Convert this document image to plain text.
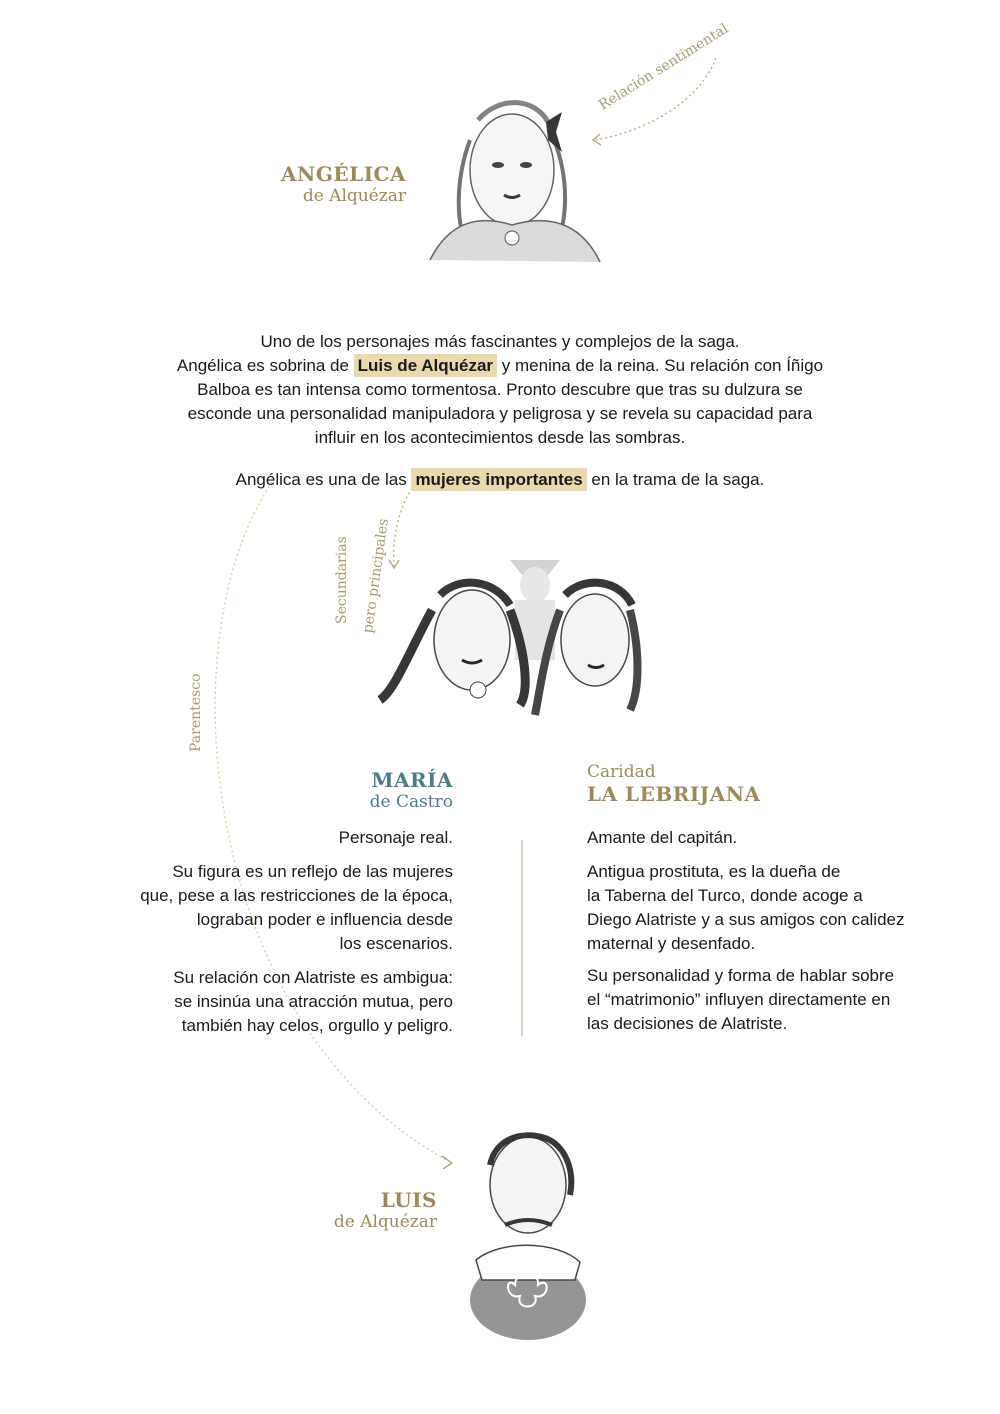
Relación sentimental
Secundarias pero principales
Parentesco
ANGÉLICA
de Alquézar
Uno de los personajes más fascinantes y complejos de la saga.
Angélica es sobrina de Luis de Alquézar y menina de la reina. Su relación con Íñigo
Balboa es tan intensa como tormentosa. Pronto descubre que tras su dulzura se
esconde una personalidad manipuladora y peligrosa y se revela su capacidad para
influir en los acontecimientos desde las sombras.
Angélica es una de las mujeres importantes en la trama de la saga.
MARÍA
de Castro
Personaje real.
Su figura es un reflejo de las mujeres
que, pese a las restricciones de la época,
lograban poder e influencia desde
los escenarios.
Su relación con Alatriste es ambigua:
se insinúa una atracción mutua, pero
también hay celos, orgullo y peligro.
Caridad
LA LEBRIJANA
Amante del capitán.
Antigua prostituta, es la dueña de
la Taberna del Turco, donde acoge a
Diego Alatriste y a sus amigos con calidez
maternal y desenfado.
Su personalidad y forma de hablar sobre
el “matrimonio” influyen directamente en
las decisiones de Alatriste.
LUIS
de Alquézar
